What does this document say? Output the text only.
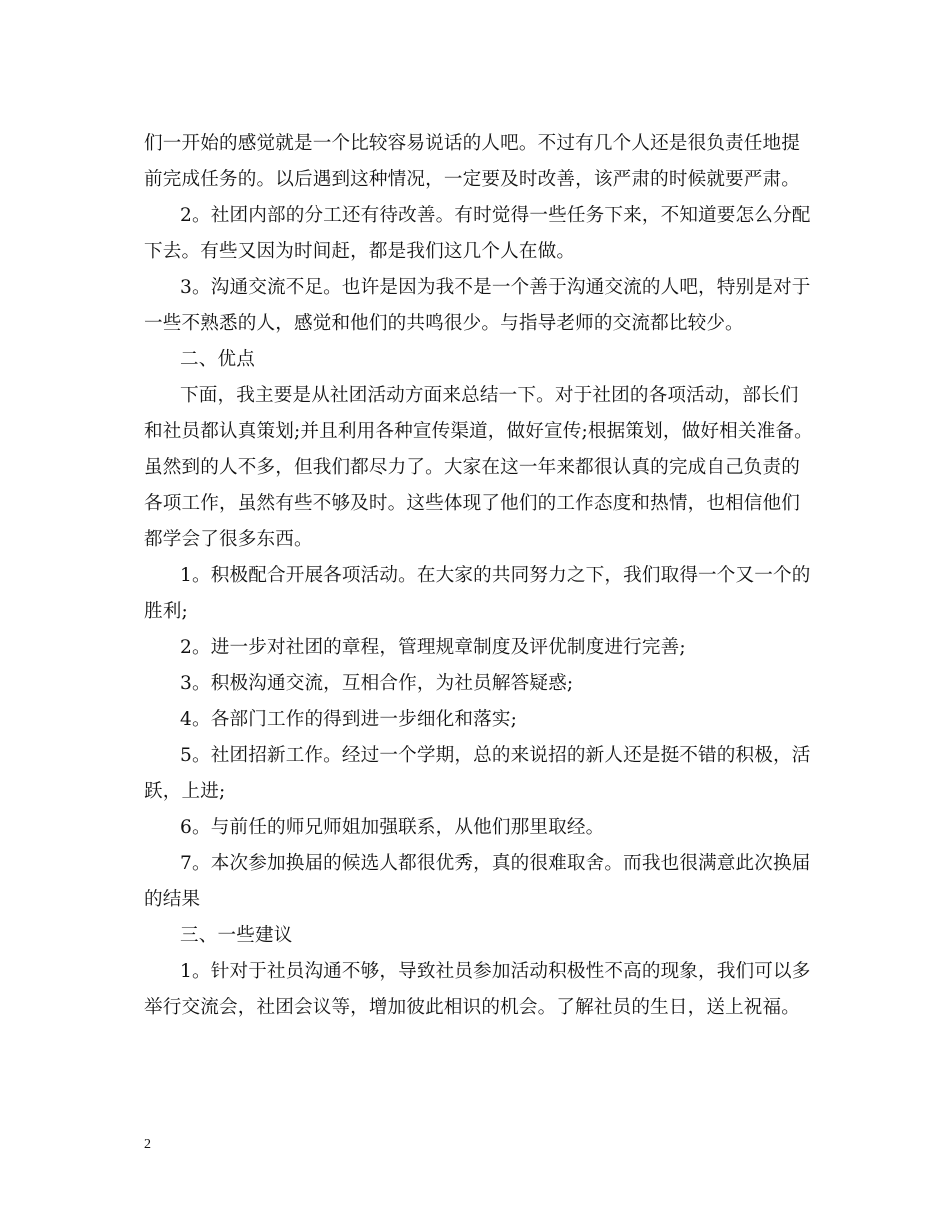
们一开始的感觉就是一个比较容易说话的人吧。不过有几个人还是很负责任地提
前完成任务的。以后遇到这种情况，一定要及时改善，该严肃的时候就要严肃。
2。社团内部的分工还有待改善。有时觉得一些任务下来，不知道要怎么分配
下去。有些又因为时间赶，都是我们这几个人在做。
3。沟通交流不足。也许是因为我不是一个善于沟通交流的人吧，特别是对于
一些不熟悉的人，感觉和他们的共鸣很少。与指导老师的交流都比较少。
二、优点
下面，我主要是从社团活动方面来总结一下。对于社团的各项活动，部长们
和社员都认真策划;并且利用各种宣传渠道，做好宣传;根据策划，做好相关准备。
虽然到的人不多，但我们都尽力了。大家在这一年来都很认真的完成自己负责的
各项工作，虽然有些不够及时。这些体现了他们的工作态度和热情，也相信他们
都学会了很多东西。
1。积极配合开展各项活动。在大家的共同努力之下，我们取得一个又一个的
胜利;
2。进一步对社团的章程，管理规章制度及评优制度进行完善;
3。积极沟通交流，互相合作，为社员解答疑惑;
4。各部门工作的得到进一步细化和落实;
5。社团招新工作。经过一个学期，总的来说招的新人还是挺不错的积极，活
跃，上进;
6。与前任的师兄师姐加强联系，从他们那里取经。
7。本次参加换届的候选人都很优秀，真的很难取舍。而我也很满意此次换届
的结果
三、一些建议
1。针对于社员沟通不够，导致社员参加活动积极性不高的现象，我们可以多
举行交流会，社团会议等，增加彼此相识的机会。了解社员的生日，送上祝福。
2
